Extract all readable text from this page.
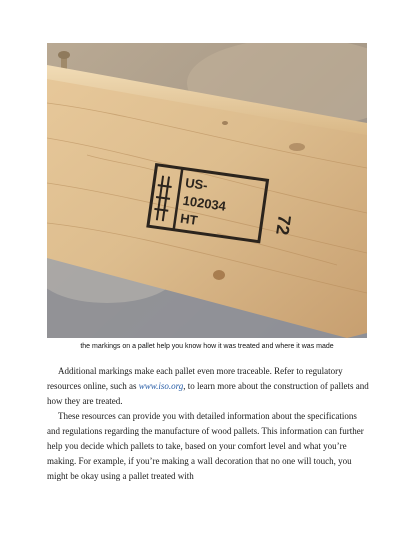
US-
102034
HT	72
the markings on a pallet help you know how it was treated and where it was made

Additional markings make each pallet even more traceable. Refer to regulatory resources online, such as www.iso.org, to learn more about the construction of pallets and how they are treated.

These resources can provide you with detailed information about the specifications and regulations regarding the manufacture of wood pallets. This information can further help you decide which pallets to take, based on your comfort level and what you’re making. For example, if you’re making a wall decoration that no one will touch, you might be okay using a pallet treated with
